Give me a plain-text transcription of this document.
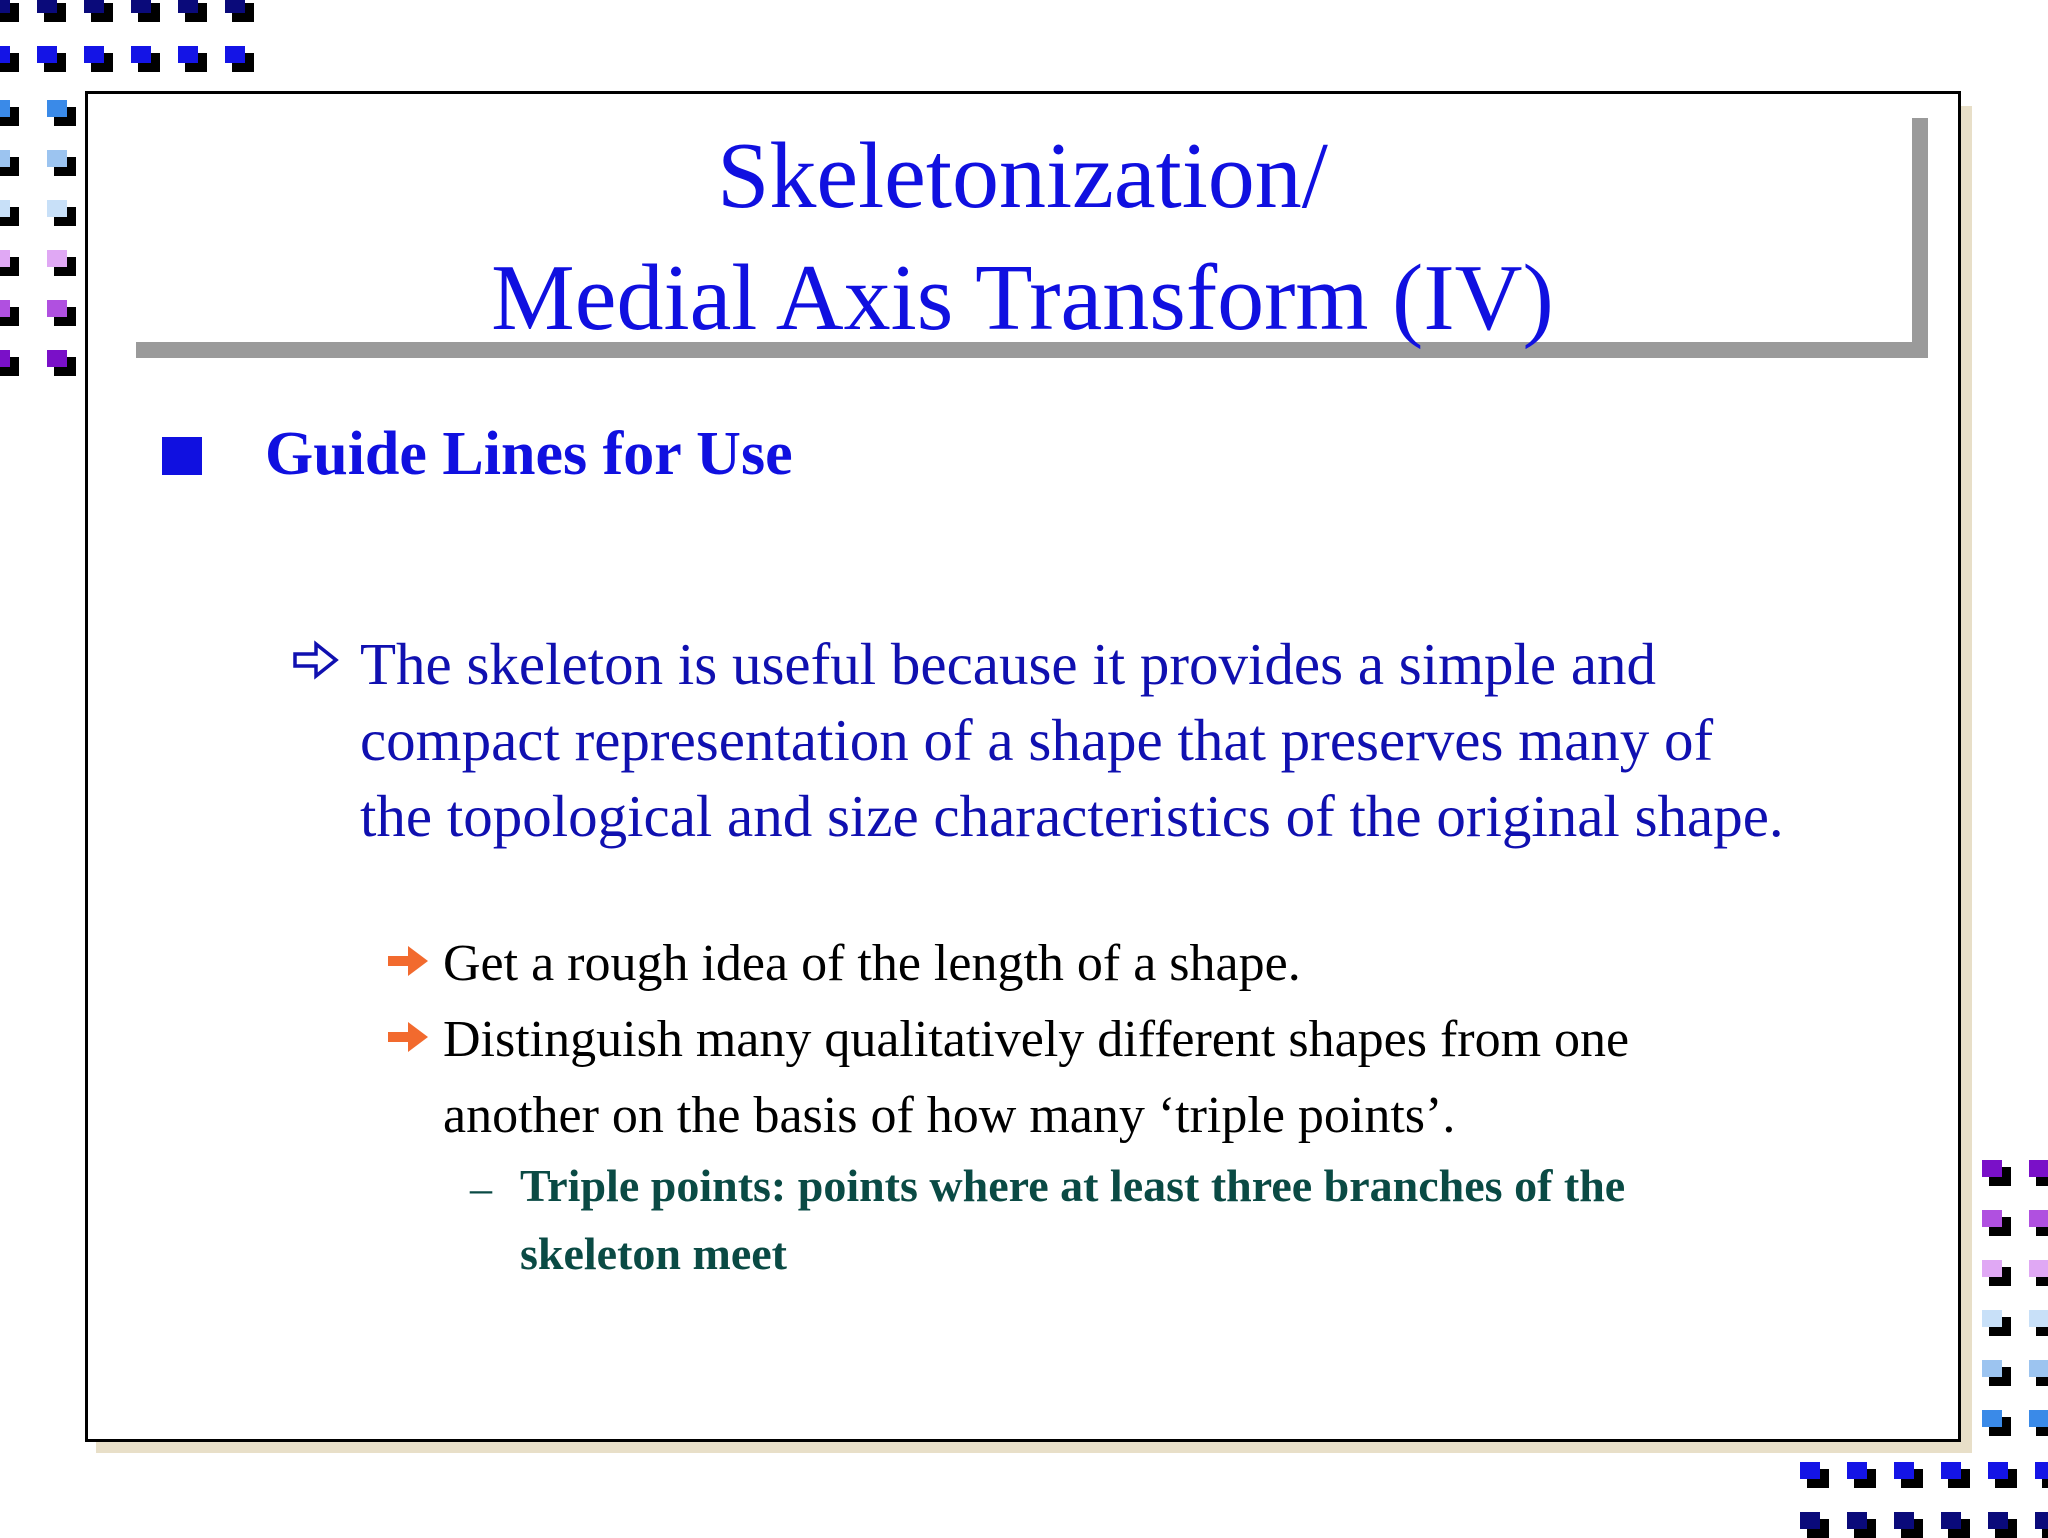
Skeletonization/
Medial Axis Transform (IV)
Guide Lines for Use
The skeleton is useful because it provides a simple and
compact representation of a shape that preserves many of
the topological and size characteristics of the original shape.
Get a rough idea of the length of a shape.
Distinguish many qualitatively different shapes from one
another on the basis of how many ‘triple points’.
– Triple points: points where at least three branches of the
skeleton meet
